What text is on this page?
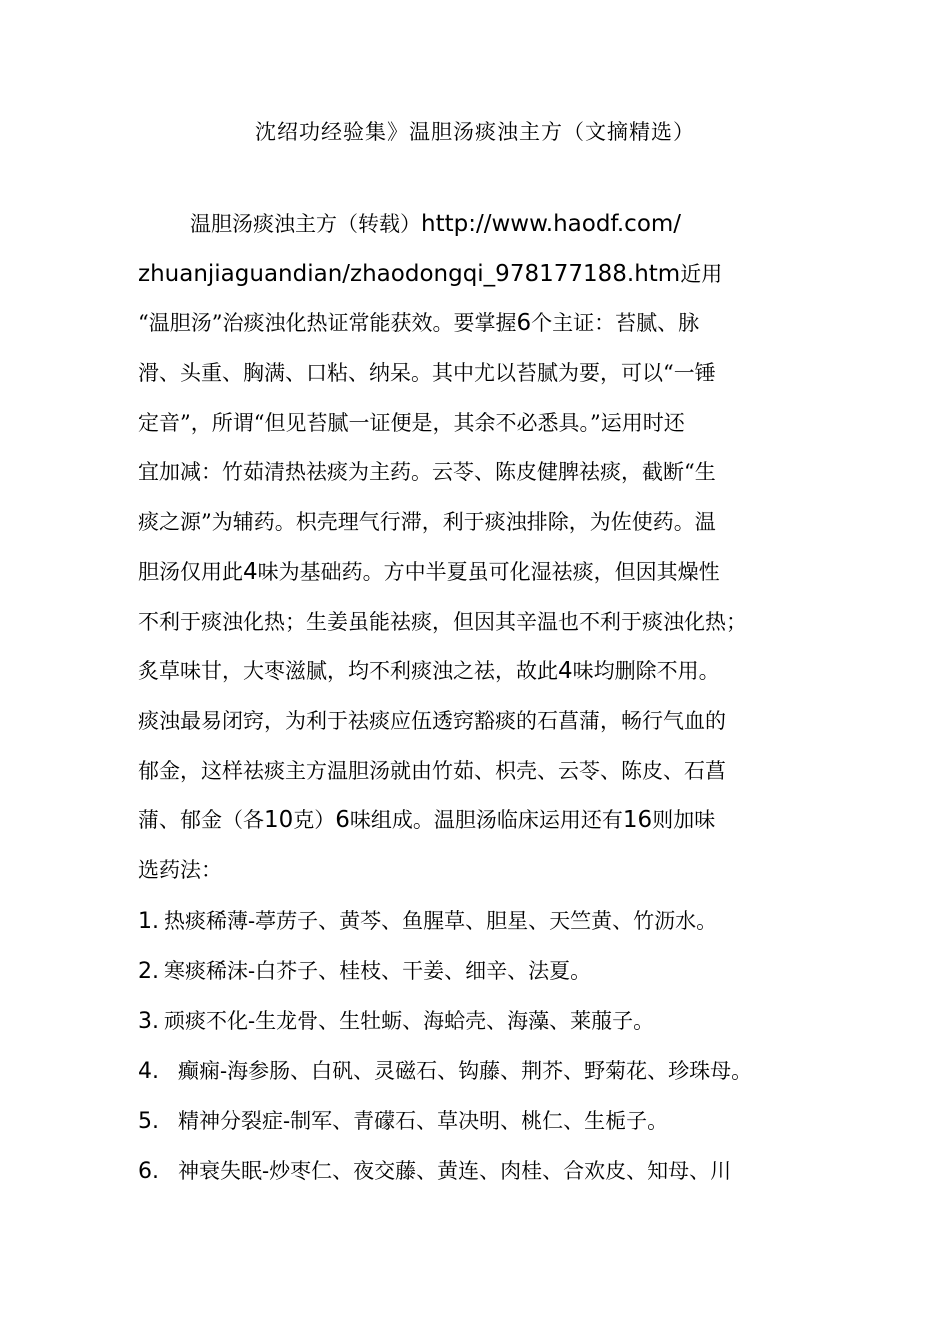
沈绍功经验集》温胆汤痰浊主方（文摘精选）
温胆汤痰浊主方（转载）http://www.haodf.com/
zhuanjiaguandian/zhaodongqi_978177188.htm近用
“温胆汤”治痰浊化热证常能获效。要掌握6个主证：苔腻、脉
滑、头重、胸满、口粘、纳呆。其中尤以苔腻为要，可以“一锤
定音”，所谓“但见苔腻一证便是，其余不必悉具。”运用时还
宜加减：竹茹清热祛痰为主药。云苓、陈皮健脾祛痰，截断“生
痰之源”为辅药。枳壳理气行滞，利于痰浊排除，为佐使药。温
胆汤仅用此4味为基础药。方中半夏虽可化湿祛痰，但因其燥性
不利于痰浊化热；生姜虽能祛痰，但因其辛温也不利于痰浊化热；
炙草味甘，大枣滋腻，均不利痰浊之祛，故此4味均删除不用。
痰浊最易闭窍，为利于祛痰应伍透窍豁痰的石菖蒲，畅行气血的
郁金，这样祛痰主方温胆汤就由竹茹、枳壳、云苓、陈皮、石菖
蒲、郁金（各10克）6味组成。温胆汤临床运用还有16则加味
选药法：
1. 热痰稀薄-葶苈子、黄芩、鱼腥草、胆星、天竺黄、竹沥水。
2. 寒痰稀沫-白芥子、桂枝、干姜、细辛、法夏。
3. 顽痰不化-生龙骨、生牡蛎、海蛤壳、海藻、莱菔子。
4. 癫痫-海参肠、白矾、灵磁石、钩藤、荆芥、野菊花、珍珠母。
5. 精神分裂症-制军、青礞石、草决明、桃仁、生栀子。
6. 神衰失眠-炒枣仁、夜交藤、黄连、肉桂、合欢皮、知母、川
